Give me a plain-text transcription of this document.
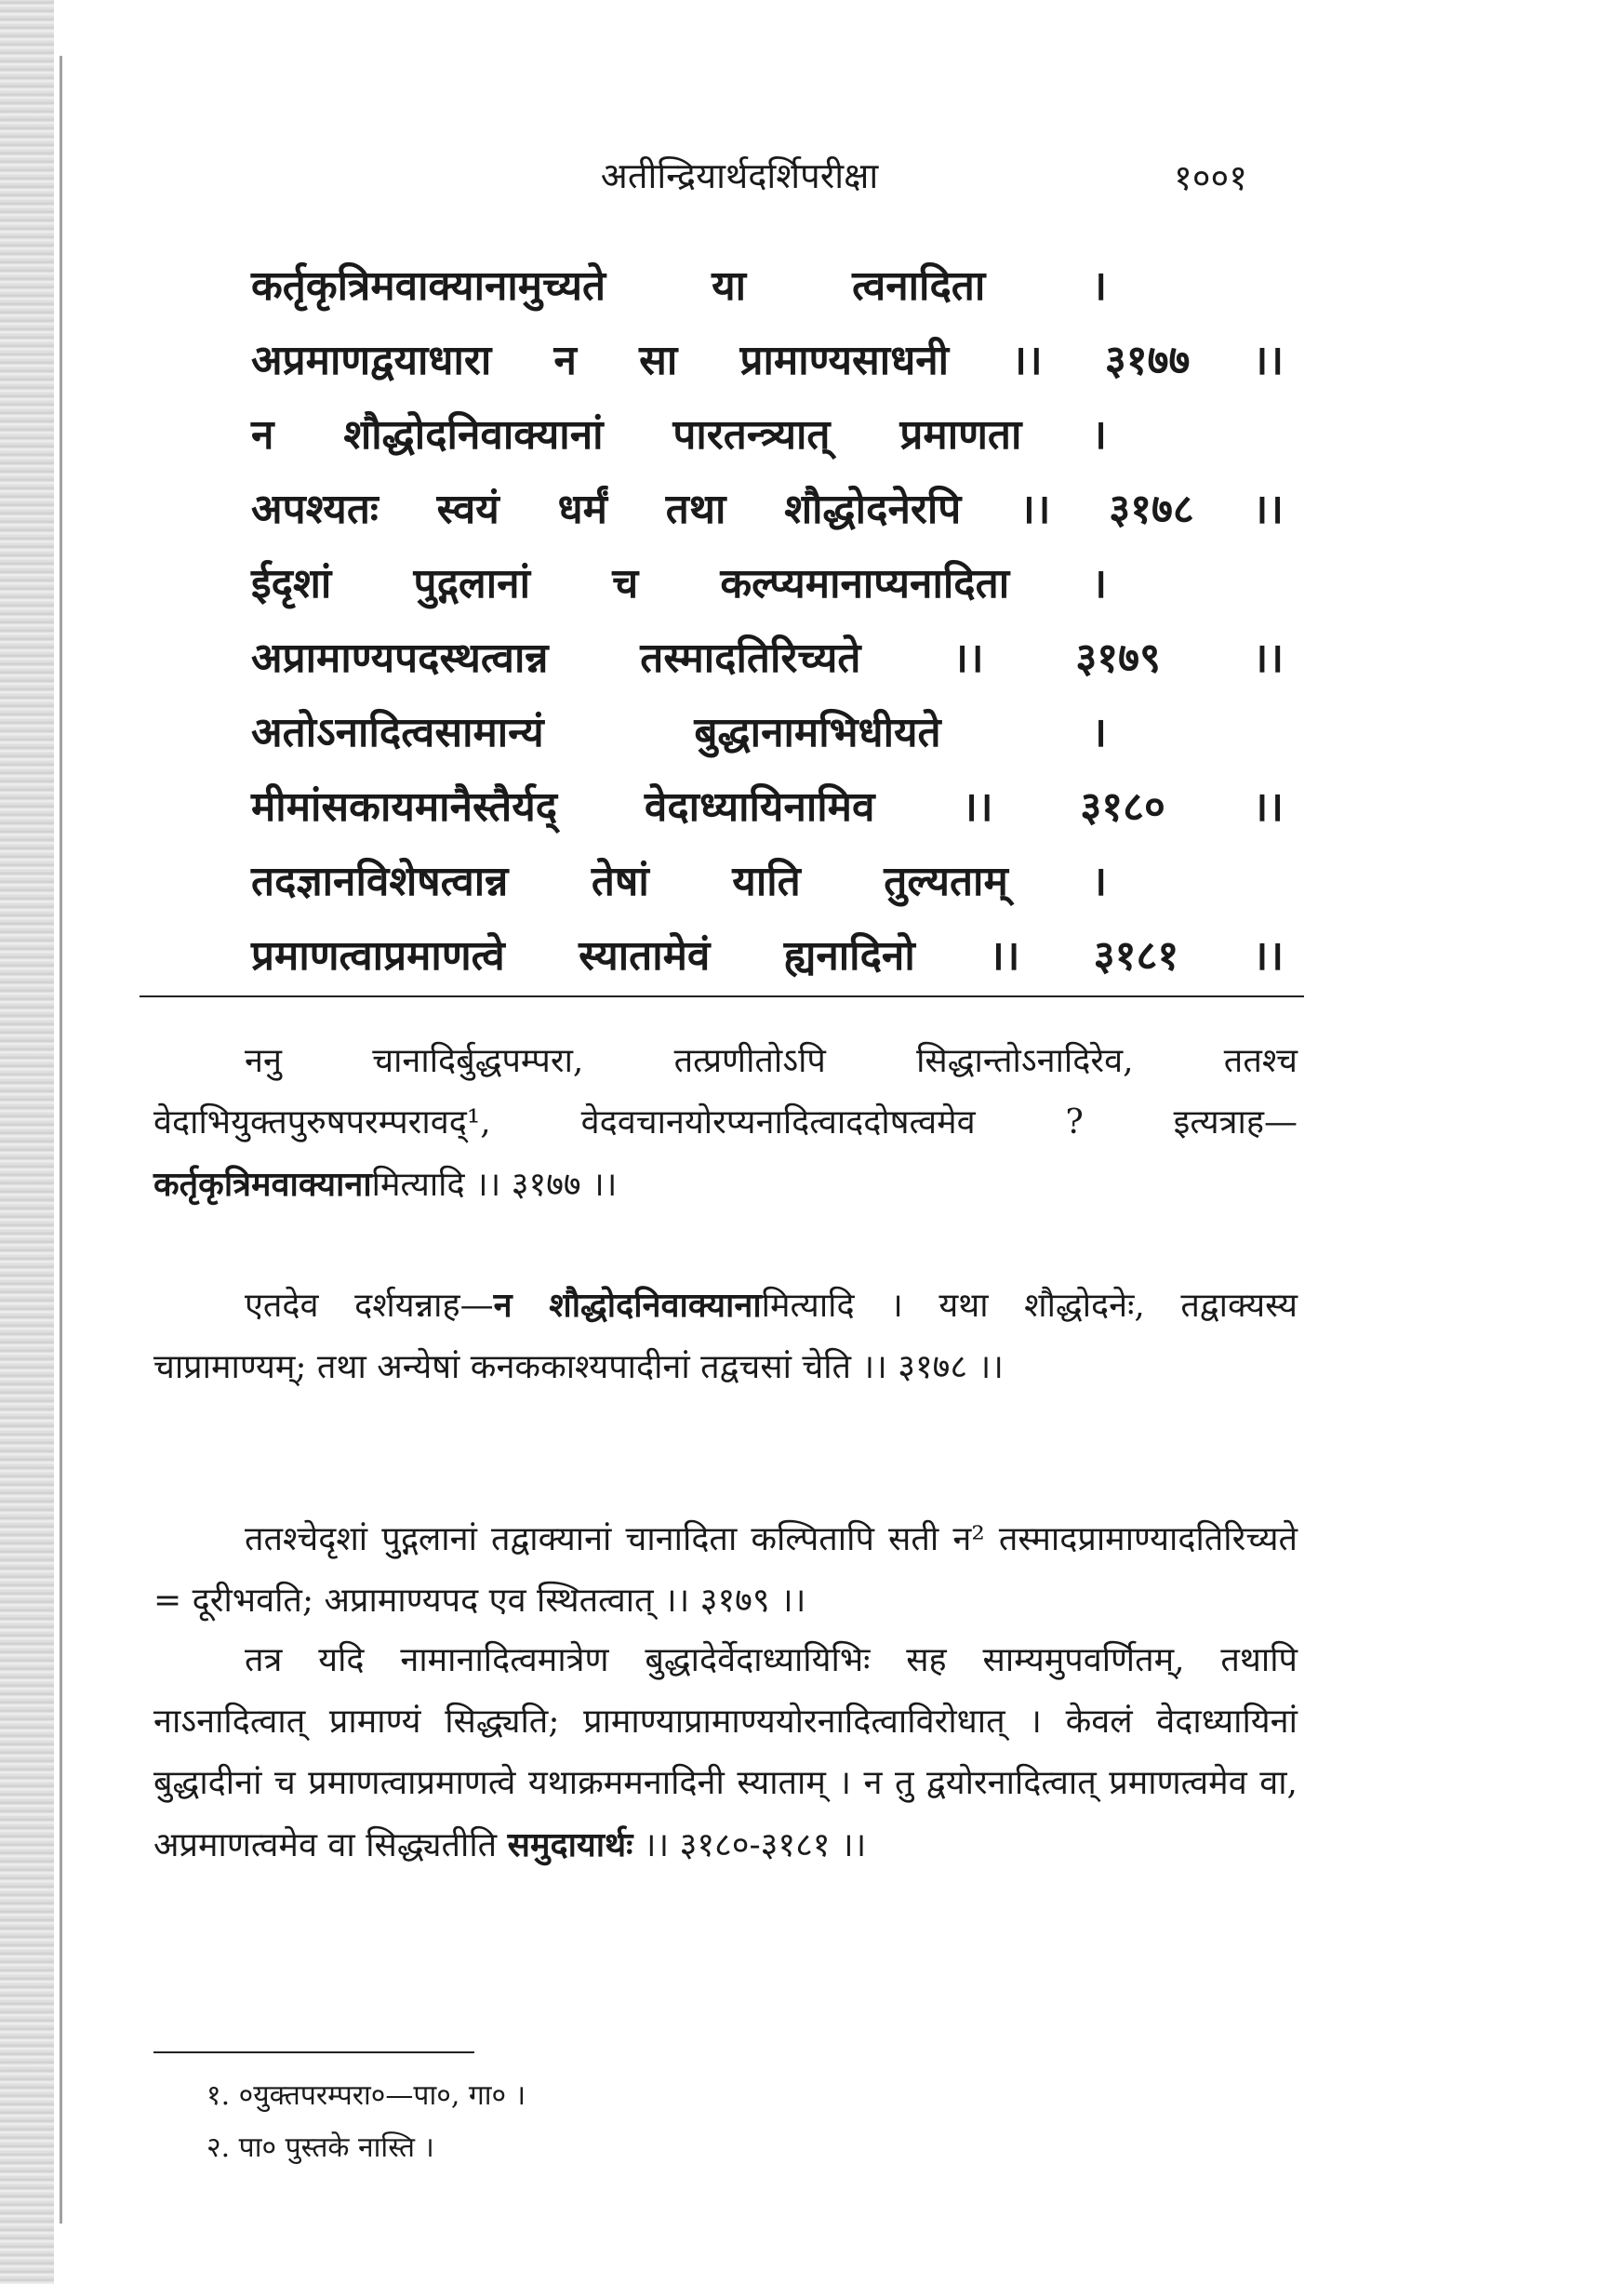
अतीन्द्रियार्थदर्शिपरीक्षा	१००१
कर्तृकृत्रिमवाक्यानामुच्यते या त्वनादिता ।
अप्रमाणद्वयाधारा न सा प्रामाण्यसाधनी ।। ३१७७ ।।
न शौद्धोदनिवाक्यानां पारतन्त्र्यात् प्रमाणता ।
अपश्यतः स्वयं धर्मं तथा शौद्धोदनेरपि ।। ३१७८ ।।
ईदृशां पुद्गलानां च कल्प्यमानाप्यनादिता ।
अप्रामाण्यपदस्थत्वान्न तस्मादतिरिच्यते ।। ३१७९ ।।
अतोऽनादित्वसामान्यं बुद्धानामभिधीयते ।
मीमांसकायमानैस्तैर्यद् वेदाध्यायिनामिव ।। ३१८० ।।
तदज्ञानविशेषत्वान्न तेषां याति तुल्यताम् ।
प्रमाणत्वाप्रमाणत्वे स्यातामेवं ह्यनादिनो ।। ३१८१ ।।

ननु चानादिर्बुद्धपम्परा, तत्प्रणीतोऽपि सिद्धान्तोऽनादिरेव, ततश्च वेदाभियुक्तपुरुषपरम्परावद्¹, वेदवचानयोरप्यनादित्वाददोषत्वमेव ? इत्यत्राह—कर्तृकृत्रिमवाक्यानामित्यादि ।। ३१७७ ।।

एतदेव दर्शयन्नाह—न शौद्धोदनिवाक्यानामित्यादि । यथा शौद्धोदनेः, तद्वाक्यस्य चाप्रामाण्यम्; तथा अन्येषां कनककाश्यपादीनां तद्वचसां चेति ।। ३१७८ ।।

ततश्चेदृशां पुद्गलानां तद्वाक्यानां चानादिता कल्पितापि सती न² तस्मादप्रामाण्यादतिरिच्यते = दूरीभवति; अप्रामाण्यपद एव स्थितत्वात् ।। ३१७९ ।।

तत्र यदि नामानादित्वमात्रेण बुद्धादेर्वेदाध्यायिभिः सह साम्यमुपवर्णितम्, तथापि नाऽनादित्वात् प्रामाण्यं सिद्ध्यति; प्रामाण्याप्रामाण्ययोरनादित्वाविरोधात् । केवलं वेदाध्यायिनां बुद्धादीनां च प्रमाणत्वाप्रमाणत्वे यथाक्रममनादिनी स्याताम् । न तु द्वयोरनादित्वात् प्रमाणत्वमेव वा, अप्रमाणत्वमेव वा सिद्ध्यतीति समुदायार्थः ।। ३१८०-३१८१ ।।

१. ०युक्तपरम्परा०—पा०, गा० ।
२. पा० पुस्तके नास्ति ।
